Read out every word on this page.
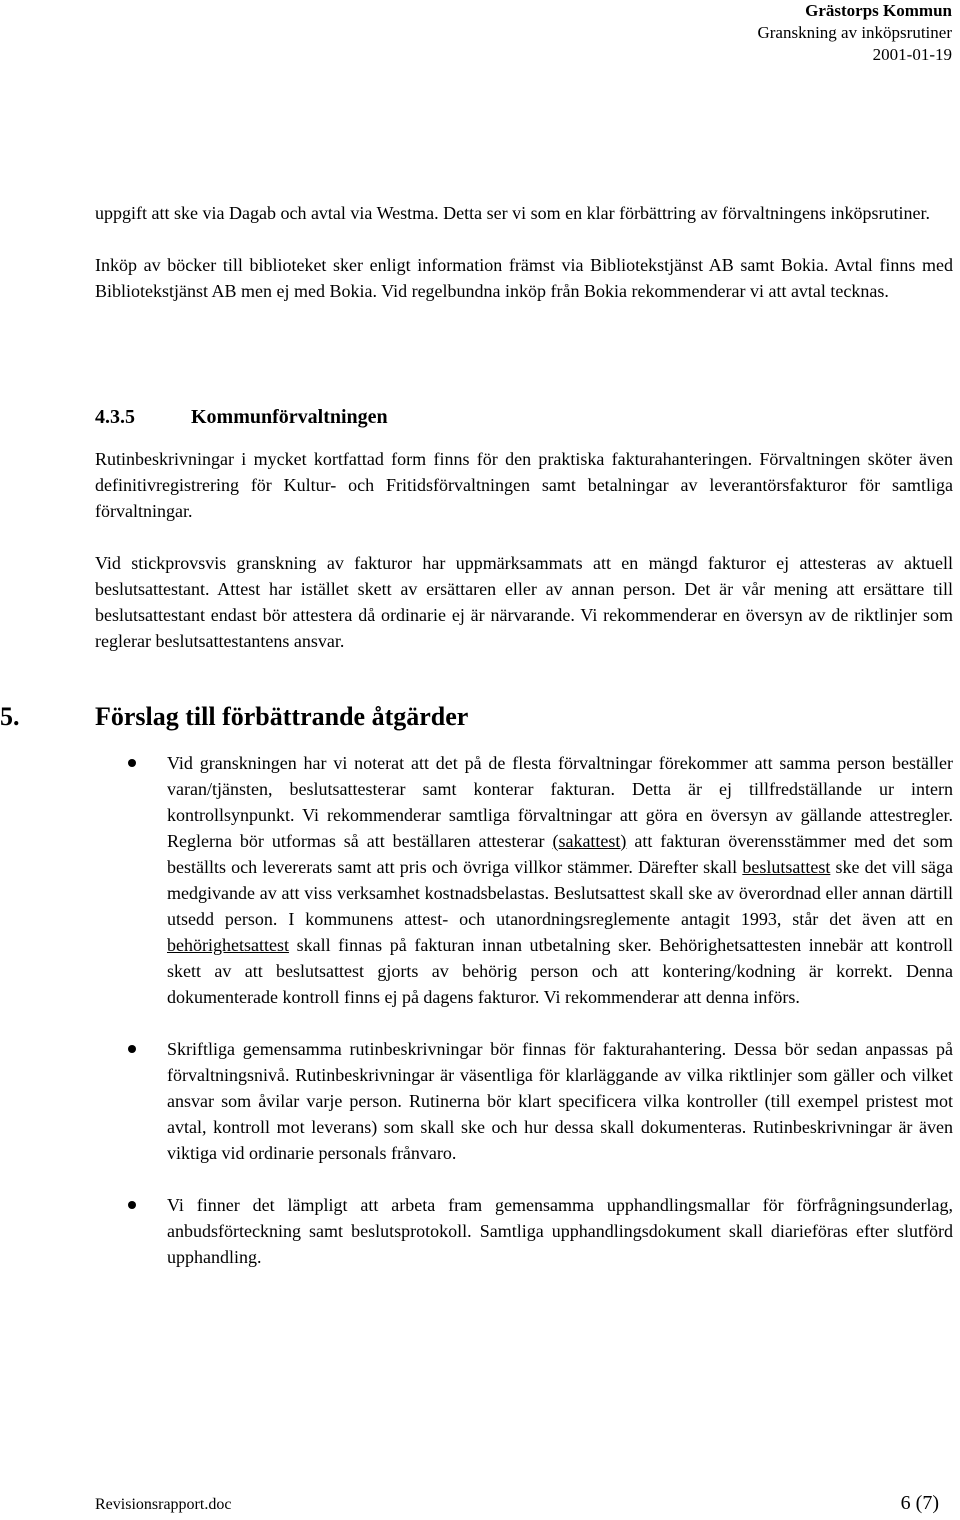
Grästorps Kommun
Granskning av inköpsrutiner
2001-01-19

uppgift att ske via Dagab och avtal via Westma. Detta ser vi som en klar förbättring av förvaltningens inköpsrutiner.

Inköp av böcker till biblioteket sker enligt information främst via Bibliotekstjänst AB samt Bokia. Avtal finns med Bibliotekstjänst AB men ej med Bokia. Vid regelbundna inköp från Bokia rekommenderar vi att avtal tecknas.

4.3.5	Kommunförvaltningen

Rutinbeskrivningar i mycket kortfattad form finns för den praktiska fakturahanteringen. Förvaltningen sköter även definitivregistrering för Kultur- och Fritidsförvaltningen samt betalningar av leverantörsfakturor för samtliga förvaltningar.

Vid stickprovsvis granskning av fakturor har uppmärksammats att en mängd fakturor ej attesteras av aktuell beslutsattestant. Attest har istället skett av ersättaren eller av annan person. Det är vår mening att ersättare till beslutsattestant endast bör attestera då ordinarie ej är närvarande. Vi rekommenderar en översyn av de riktlinjer som reglerar beslutsattestantens ansvar.

5.	Förslag till förbättrande åtgärder

Vid granskningen har vi noterat att det på de flesta förvaltningar förekommer att samma person beställer varan/tjänsten, beslutsattesterar samt konterar fakturan. Detta är ej tillfredställande ur intern kontrollsynpunkt. Vi rekommenderar samtliga förvaltningar att göra en översyn av gällande attestregler. Reglerna bör utformas så att beställaren attesterar (sakattest) att fakturan överensstämmer med det som beställts och levererats samt att pris och övriga villkor stämmer. Därefter skall beslutsattest ske det vill säga medgivande av att viss verksamhet kostnadsbelastas. Beslutsattest skall ske av överordnad eller annan därtill utsedd person. I kommunens attest- och utanordningsreglemente antagit 1993, står det även att en behörighetsattest skall finnas på fakturan innan utbetalning sker. Behörighetsattesten innebär att kontroll skett av att beslutsattest gjorts av behörig person och att kontering/kodning är korrekt. Denna dokumenterade kontroll finns ej på dagens fakturor. Vi rekommenderar att denna införs.

Skriftliga gemensamma rutinbeskrivningar bör finnas för fakturahantering. Dessa bör sedan anpassas på förvaltningsnivå. Rutinbeskrivningar är väsentliga för klarläggande av vilka riktlinjer som gäller och vilket ansvar som åvilar varje person. Rutinerna bör klart specificera vilka kontroller (till exempel pristest mot avtal, kontroll mot leverans) som skall ske och hur dessa skall dokumenteras. Rutinbeskrivningar är även viktiga vid ordinarie personals frånvaro.

Vi finner det lämpligt att arbeta fram gemensamma upphandlingsmallar för förfrågningsunderlag, anbudsförteckning samt beslutsprotokoll. Samtliga upphandlingsdokument skall diarieföras efter slutförd upphandling.

Revisionsrapport.doc	6 (7)
